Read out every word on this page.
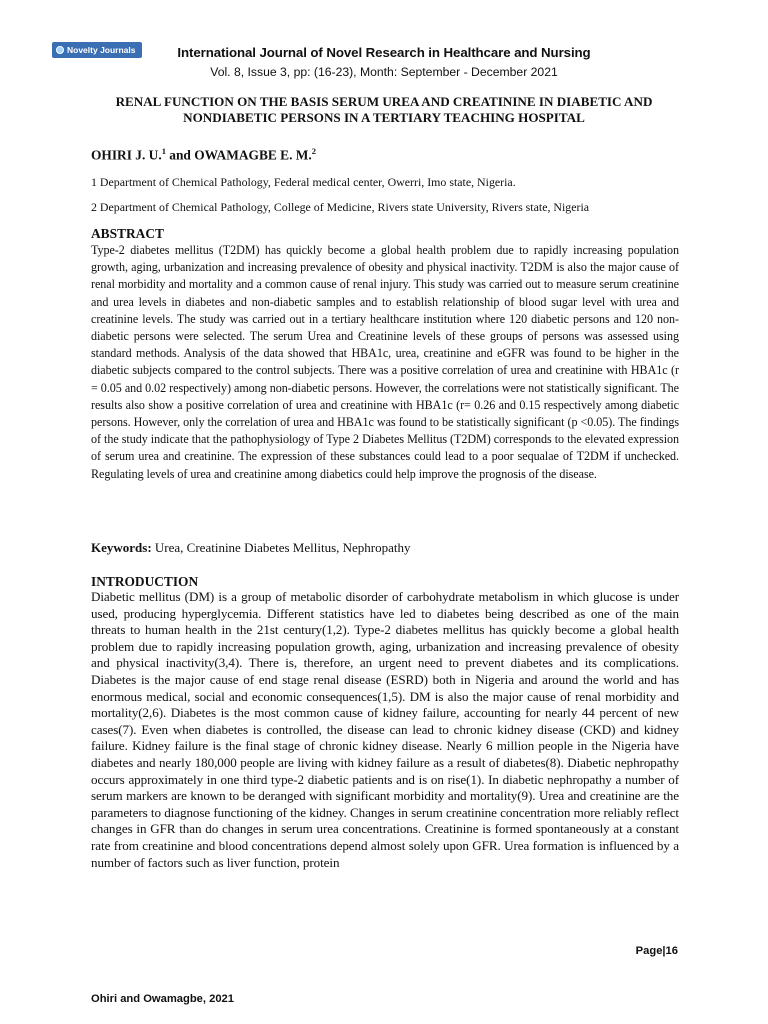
Novelty Journals	International Journal of Novel Research in Healthcare and Nursing
Vol. 8, Issue 3, pp: (16-23), Month: September - December 2021
RENAL FUNCTION ON THE BASIS SERUM UREA AND CREATININE IN DIABETIC AND NONDIABETIC PERSONS IN A TERTIARY TEACHING HOSPITAL
OHIRI J. U.$^1$ and OWAMAGBE E. M.$^2$
1 Department of Chemical Pathology, Federal medical center, Owerri, Imo state, Nigeria.
2 Department of Chemical Pathology, College of Medicine, Rivers state University, Rivers state, Nigeria
ABSTRACT
Type-2 diabetes mellitus (T2DM) has quickly become a global health problem due to rapidly increasing population growth, aging, urbanization and increasing prevalence of obesity and physical inactivity. T2DM is also the major cause of renal morbidity and mortality and a common cause of renal injury. This study was carried out to measure serum creatinine and urea levels in diabetes and non-diabetic samples and to establish relationship of blood sugar level with urea and creatinine levels. The study was carried out in a tertiary healthcare institution where 120 diabetic persons and 120 non-diabetic persons were selected. The serum Urea and Creatinine levels of these groups of persons was assessed using standard methods. Analysis of the data showed that HBA1c, urea, creatinine and eGFR was found to be higher in the diabetic subjects compared to the control subjects. There was a positive correlation of urea and creatinine with HBA1c (r = 0.05 and 0.02 respectively) among non-diabetic persons. However, the correlations were not statistically significant. The results also show a positive correlation of urea and creatinine with HBA1c (r= 0.26 and 0.15 respectively among diabetic persons. However, only the correlation of urea and HBA1c was found to be statistically significant (p <0.05). The findings of the study indicate that the pathophysiology of Type 2 Diabetes Mellitus (T2DM) corresponds to the elevated expression of serum urea and creatinine. The expression of these substances could lead to a poor sequalae of T2DM if unchecked. Regulating levels of urea and creatinine among diabetics could help improve the prognosis of the disease.
Keywords: Urea, Creatinine Diabetes Mellitus, Nephropathy
INTRODUCTION
Diabetic mellitus (DM) is a group of metabolic disorder of carbohydrate metabolism in which glucose is under used, producing hyperglycemia. Different statistics have led to diabetes being described as one of the main threats to human health in the 21st century(1,2). Type-2 diabetes mellitus has quickly become a global health problem due to rapidly increasing population growth, aging, urbanization and increasing prevalence of obesity and physical inactivity(3,4). There is, therefore, an urgent need to prevent diabetes and its complications. Diabetes is the major cause of end stage renal disease (ESRD) both in Nigeria and around the world and has enormous medical, social and economic consequences(1,5). DM is also the major cause of renal morbidity and mortality(2,6). Diabetes is the most common cause of kidney failure, accounting for nearly 44 percent of new cases(7). Even when diabetes is controlled, the disease can lead to chronic kidney disease (CKD) and kidney failure. Kidney failure is the final stage of chronic kidney disease. Nearly 6 million people in the Nigeria have diabetes and nearly 180,000 people are living with kidney failure as a result of diabetes(8). Diabetic nephropathy occurs approximately in one third type-2 diabetic patients and is on rise(1). In diabetic nephropathy a number of serum markers are known to be deranged with significant morbidity and mortality(9). Urea and creatinine are the parameters to diagnose functioning of the kidney. Changes in serum creatinine concentration more reliably reflect changes in GFR than do changes in serum urea concentrations. Creatinine is formed spontaneously at a constant rate from creatinine and blood concentrations depend almost solely upon GFR. Urea formation is influenced by a number of factors such as liver function, protein
Page|16
Ohiri and Owamagbe, 2021
